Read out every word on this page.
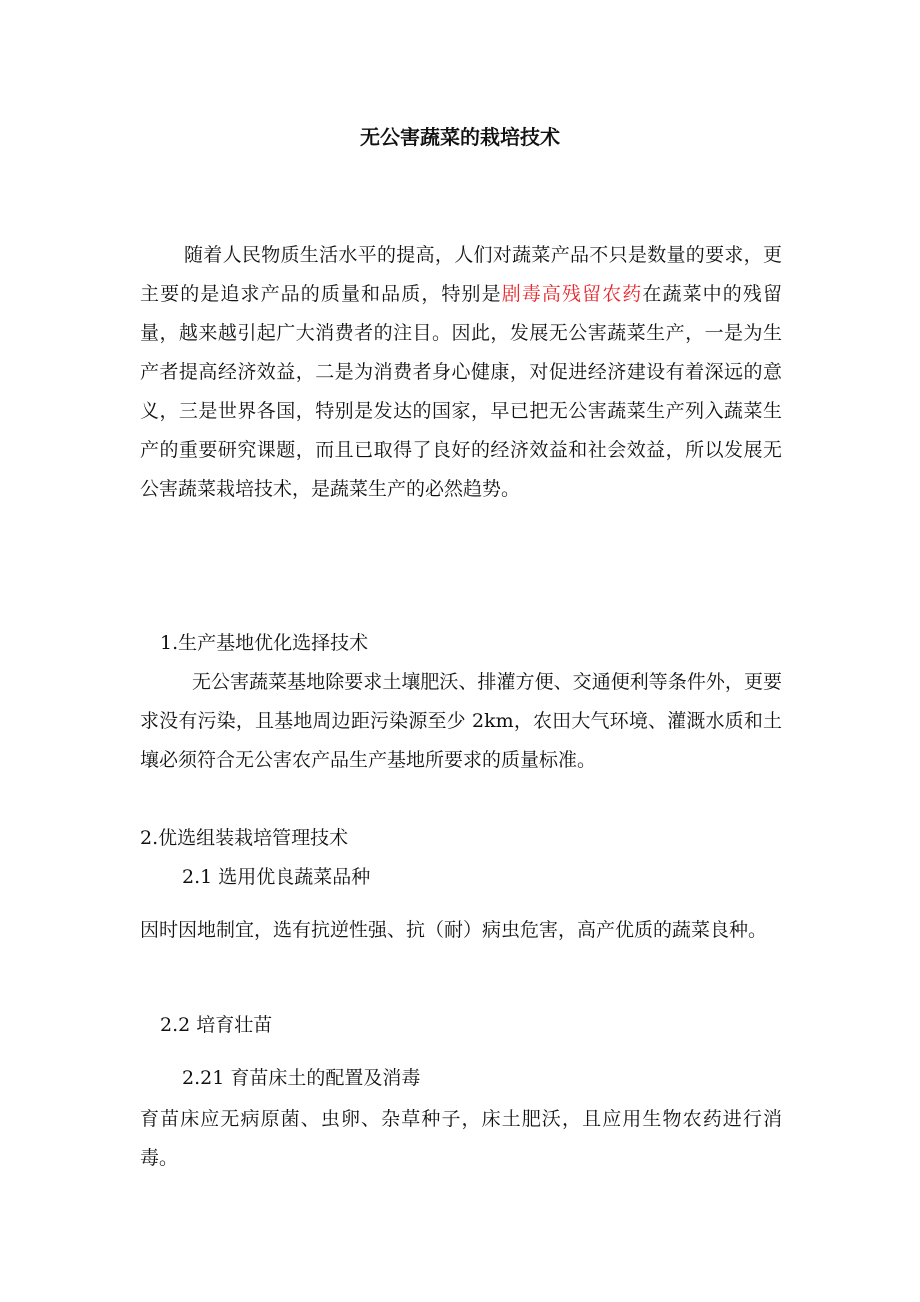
无公害蔬菜的栽培技术

随着人民物质生活水平的提高，人们对蔬菜产品不只是数量的要求，更主要的是追求产品的质量和品质，特别是剧毒高残留农药在蔬菜中的残留量，越来越引起广大消费者的注目。因此，发展无公害蔬菜生产，一是为生产者提高经济效益，二是为消费者身心健康，对促进经济建设有着深远的意义，三是世界各国，特别是发达的国家，早已把无公害蔬菜生产列入蔬菜生产的重要研究课题，而且已取得了良好的经济效益和社会效益，所以发展无公害蔬菜栽培技术，是蔬菜生产的必然趋势。

1.生产基地优化选择技术

无公害蔬菜基地除要求土壤肥沃、排灌方便、交通便利等条件外，更要求没有污染，且基地周边距污染源至少 2km，农田大气环境、灌溉水质和土壤必须符合无公害农产品生产基地所要求的质量标准。

2.优选组装栽培管理技术
2.1 选用优良蔬菜品种

因时因地制宜，选有抗逆性强、抗（耐）病虫危害，高产优质的蔬菜良种。

2.2 培育壮苗
2.21 育苗床土的配置及消毒

育苗床应无病原菌、虫卵、杂草种子，床土肥沃，且应用生物农药进行消毒。
